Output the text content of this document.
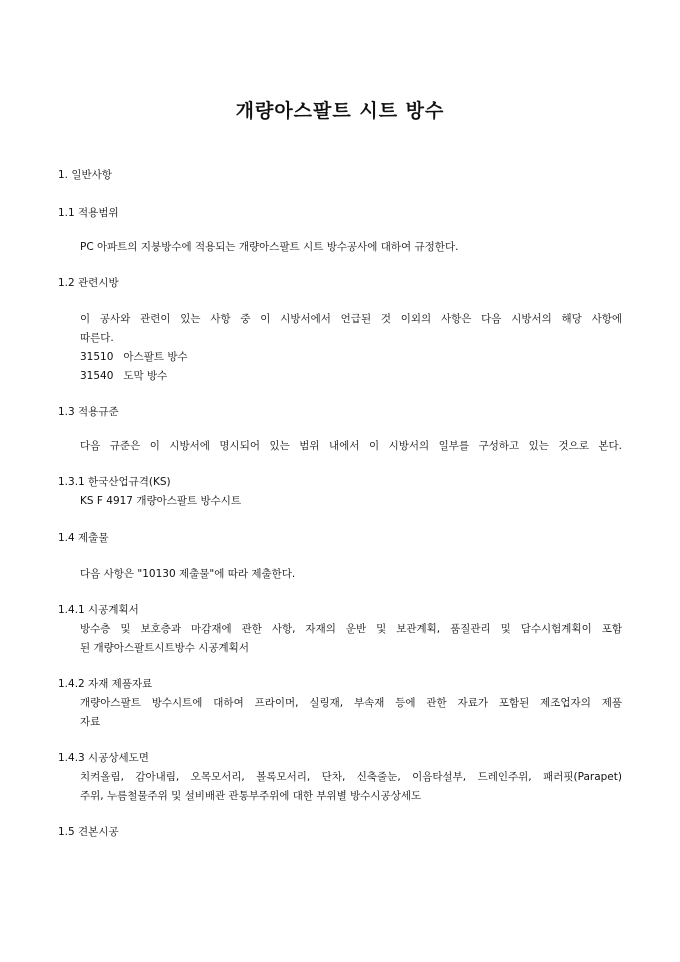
개량아스팔트 시트 방수
1. 일반사항
1.1 적용범위
PC 아파트의 지붕방수에 적용되는 개량아스팔트 시트 방수공사에 대하여 규정한다.
1.2 관련시방
이 공사와 관련이 있는 사항 중 이 시방서에서 언급된 것 이외의 사항은 다음 시방서의 해당 사항에
따른다.
31510   아스팔트 방수
31540   도막 방수
1.3 적용규준
다음 규준은 이 시방서에 명시되어 있는 범위 내에서 이 시방서의 일부를 구성하고 있는 것으로 본다.
1.3.1 한국산업규격(KS)
KS F 4917 개량아스팔트 방수시트
1.4 제출물
다음 사항은 "10130 제출물"에 따라 제출한다.
1.4.1 시공계획서
방수층 및 보호층과 마감재에 관한 사항, 자재의 운반 및 보관계획, 품질관리 및 담수시험계획이 포함
된 개량아스팔트시트방수 시공계획서
1.4.2 자재 제품자료
개량아스팔트 방수시트에 대하여 프라이머, 실링재, 부속재 등에 관한 자료가 포함된 제조업자의 제품
자료
1.4.3 시공상세도면
치켜올림, 감아내림, 오목모서리, 볼록모서리, 단차, 신축줄눈, 이음타설부, 드레인주위, 패러핏(Parapet)
주위, 누름철물주위 및 설비배관 관통부주위에 대한 부위별 방수시공상세도
1.5 견본시공
